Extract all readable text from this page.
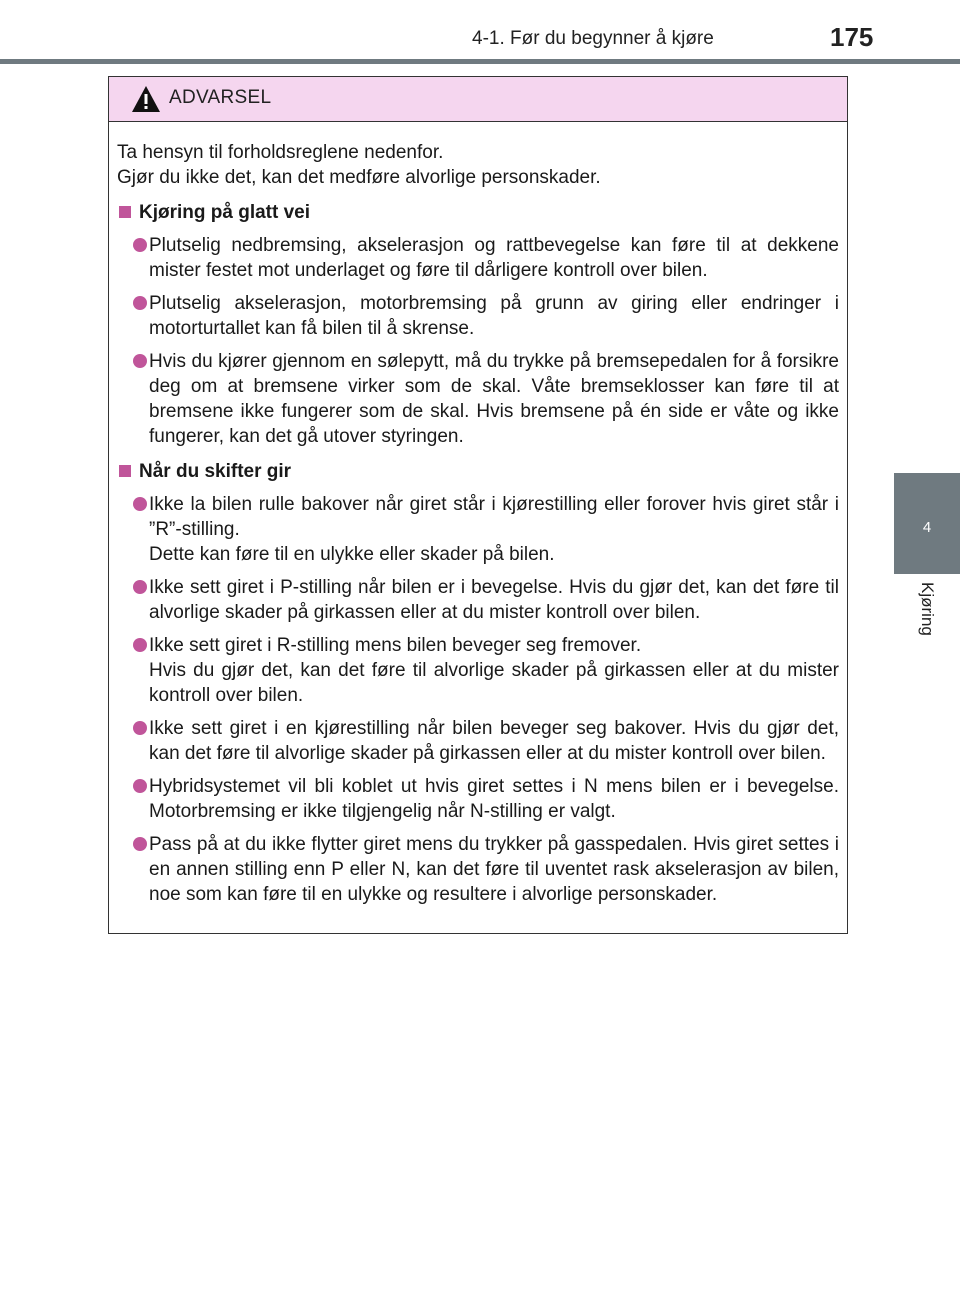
4-1. Før du begynner å kjøre	175
4
Kjøring
ADVARSEL

Ta hensyn til forholdsreglene nedenfor.

Gjør du ikke det, kan det medføre alvorlige personskader.

Kjøring på glatt vei

Plutselig nedbremsing, akselerasjon og rattbevegelse kan føre til at dekkene mister festet mot underlaget og føre til dårligere kontroll over bilen.

Plutselig akselerasjon, motorbremsing på grunn av giring eller endringer i motorturtallet kan få bilen til å skrense.

Hvis du kjører gjennom en sølepytt, må du trykke på bremsepedalen for å forsikre deg om at bremsene virker som de skal. Våte bremseklosser kan føre til at bremsene ikke fungerer som de skal. Hvis bremsene på én side er våte og ikke fungerer, kan det gå utover styringen.

Når du skifter gir

Ikke la bilen rulle bakover når giret står i kjørestilling eller forover hvis giret står i ”R”-stilling.

Dette kan føre til en ulykke eller skader på bilen.

Ikke sett giret i P-stilling når bilen er i bevegelse. Hvis du gjør det, kan det føre til alvorlige skader på girkassen eller at du mister kontroll over bilen.

Ikke sett giret i R-stilling mens bilen beveger seg fremover.

Hvis du gjør det, kan det føre til alvorlige skader på girkassen eller at du mister kontroll over bilen.

Ikke sett giret i en kjørestilling når bilen beveger seg bakover. Hvis du gjør det, kan det føre til alvorlige skader på girkassen eller at du mister kontroll over bilen.

Hybridsystemet vil bli koblet ut hvis giret settes i N mens bilen er i bevegelse. Motorbremsing er ikke tilgjengelig når N-stilling er valgt.

Pass på at du ikke flytter giret mens du trykker på gasspedalen. Hvis giret settes i en annen stilling enn P eller N, kan det føre til uventet rask akselerasjon av bilen, noe som kan føre til en ulykke og resultere i alvorlige personskader.
